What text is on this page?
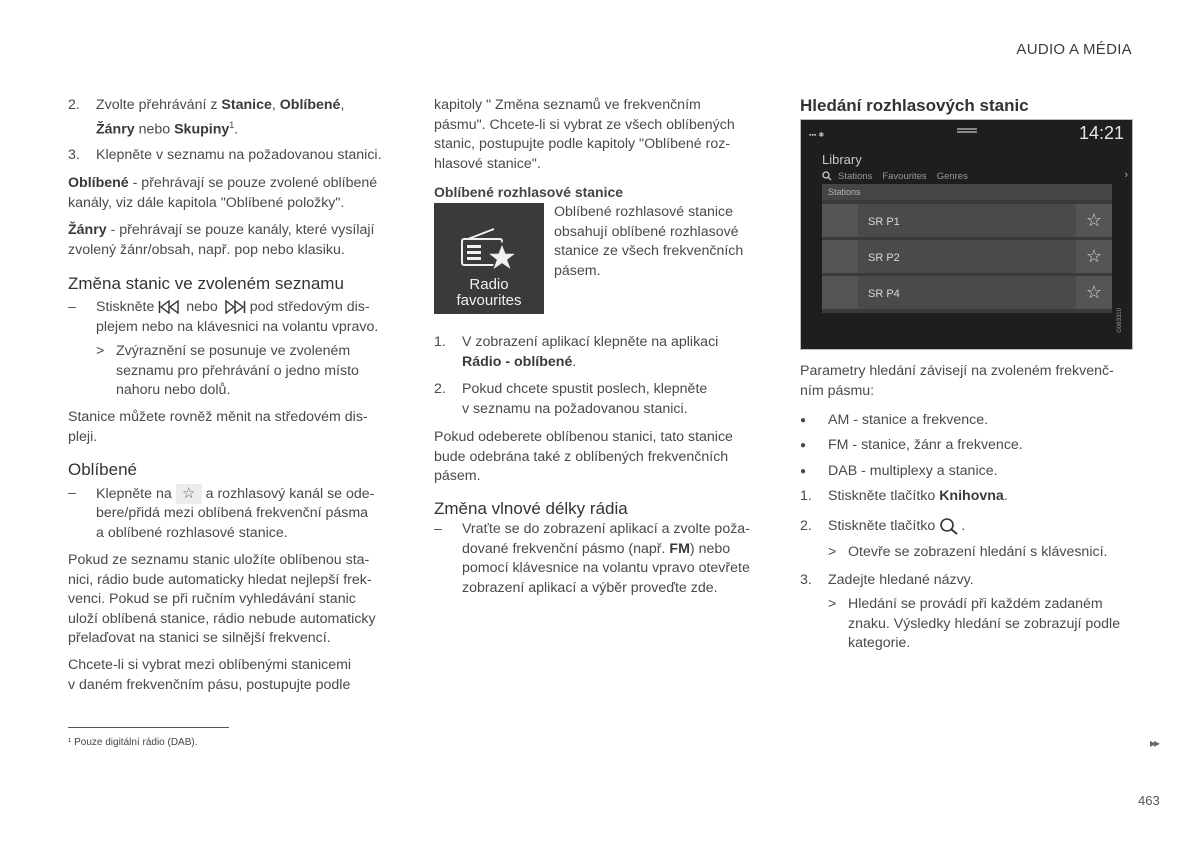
AUDIO A MÉDIA
2. Zvolte přehrávání z Stanice, Oblíbené,
Žánry nebo Skupiny$^1$.
3. Klepněte v seznamu na požadovanou stanici.

Oblíbené - přehrávají se pouze zvolené oblíbené
kanály, viz dále kapitola "Oblíbené položky".

Žánry - přehrávají se pouze kanály, které vysílají
zvolený žánr/obsah, např. pop nebo klasiku.

Změna stanic ve zvoleném seznamu
– Stiskněte  nebo  pod středovým dis-
plejem nebo na klávesnici na volantu vpravo.
> Zvýraznění se posunuje ve zvoleném
seznamu pro přehrávání o jedno místo
nahoru nebo dolů.

Stanice můžete rovněž měnit na středovém dis-
pleji.

Oblíbené
– Klepněte na ☆ a rozhlasový kanál se ode-
bere/přidá mezi oblíbená frekvenční pásma
a oblíbené rozhlasové stanice.

Pokud ze seznamu stanic uložíte oblíbenou sta-
nici, rádio bude automaticky hledat nejlepší frek-
venci. Pokud se při ručním vyhledávání stanic
uloží oblíbená stanice, rádio nebude automaticky
přelaďovat na stanici se silnější frekvencí.

Chcete-li si vybrat mezi oblíbenými stanicemi
v daném frekvenčním pásu, postupujte podle

kapitoly " Změna seznamů ve frekvenčním
pásmu". Chcete-li si vybrat ze všech oblíbených
stanic, postupujte podle kapitoly "Oblíbené roz-
hlasové stanice".

Oblíbené rozhlasové stanice
Radio
favourites

Oblíbené rozhlasové stanice
obsahují oblíbené rozhlasové
stanice ze všech frekvenčních
pásem.

1. V zobrazení aplikací klepněte na aplikaci
Rádio - oblíbené.
2. Pokud chcete spustit poslech, klepněte
v seznamu na požadovanou stanici.

Pokud odeberete oblíbenou stanici, tato stanice
bude odebrána také z oblíbených frekvenčních
pásem.

Změna vlnové délky rádia
– Vraťte se do zobrazení aplikací a zvolte poža-
dované frekvenční pásmo (např. FM) nebo
pomocí klávesnice na volantu vpravo otevřete
zobrazení aplikací a výběr proveďte zde.
Hledání rozhlasových stanic
▪▪▪ ✱	14:21
Library
Stations Favourites Genres	›
Stations
SR P1	☆
SR P2	☆
SR P4	☆
G063310

Parametry hledání závisejí na zvoleném frekvenč-
ním pásmu:

● AM - stanice a frekvence.
● FM - stanice, žánr a frekvence.
● DAB - multiplexy a stanice.
1. Stiskněte tlačítko Knihovna.
2. Stiskněte tlačítko .
> Otevře se zobrazení hledání s klávesnicí.
3. Zadejte hledané názvy.
> Hledání se provádí při každém zadaném
znaku. Výsledky hledání se zobrazují podle
kategorie.
¹ Pouze digitální rádio (DAB).	▸▸
463
